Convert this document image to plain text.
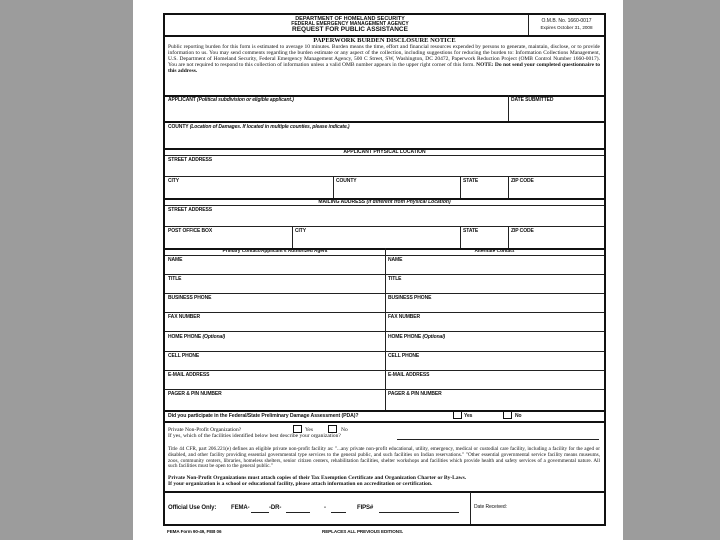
DEPARTMENT OF HOMELAND SECURITY
FEDERAL EMERGENCY MANAGEMENT AGENCY
REQUEST FOR PUBLIC ASSISTANCE
O.M.B. No. 1660-0017
Expires October 31, 2008
PAPERWORK BURDEN DISCLOSURE NOTICE
Public reporting burden for this form is estimated to average 10 minutes. Burden means the time, effort and financial resources expended by persons to generate, maintain, disclose, or to provide information to us. You may send comments regarding the burden estimate or any aspect of the collection, including suggestions for reducing the burden to: Information Collections Management, U.S. Department of Homeland Security, Federal Emergency Management Agency, 500 C Street, SW, Washington, DC 20472, Paperwork Reduction Project (OMB Control Number 1660-0017). You are not required to respond to this collection of information unless a valid OMB number appears in the upper right corner of this form. NOTE: Do not send your completed questionnaire to this address.
APPLICANT (Political subdivision or eligible applicant.)	DATE SUBMITTED
COUNTY (Location of Damages. If located in multiple counties, please indicate.)
APPLICANT PHYSICAL LOCATION
STREET ADDRESS
CITY	COUNTY	STATE	ZIP CODE
MAILING ADDRESS (if different from Physical Location)
STREET ADDRESS
POST OFFICE BOX	CITY	STATE	ZIP CODE
Primary Contact/Applicant's Authorized Agent	Alternate Contact
NAME	NAME
TITLE	TITLE
BUSINESS PHONE	BUSINESS PHONE
FAX NUMBER	FAX NUMBER
HOME PHONE (Optional)	HOME PHONE (Optional)
CELL PHONE	CELL PHONE
E-MAIL ADDRESS	E-MAIL ADDRESS
PAGER & PIN NUMBER	PAGER & PIN NUMBER
Did you participate in the Federal/State Preliminary Damage Assessment (PDA)?	Yes	No
Private Non-Profit Organization?	Yes	No
If yes, which of the facilities identified below best describe your organization?
Title 44 CFR, part 206.221(e) defines an eligible private non-profit facility as: "...any private non-profit educational, utility, emergency, medical or custodial care facility, including a facility for the aged or disabled, and other facility providing essential governmental type services to the general public, and such facilities on Indian reservations." "Other essential governmental service facility means museums, zoos, community centers, libraries, homeless shelters, senior citizen centers, rehabilitation facilities, shelter workshops and facilities which provide health and safety services of a governmental nature. All such facilities must be open to the general public."
Private Non-Profit Organizations must attach copies of their Tax Exemption Certificate and Organization Charter or By-Laws.
If your organization is a school or educational facility, please attach information on accreditation or certification.
Official Use Only: FEMA-	-DR-	-	FIPS#	Date Received:
FEMA Form 90-49, FEB 06	REPLACES ALL PREVIOUS EDITIONS.
